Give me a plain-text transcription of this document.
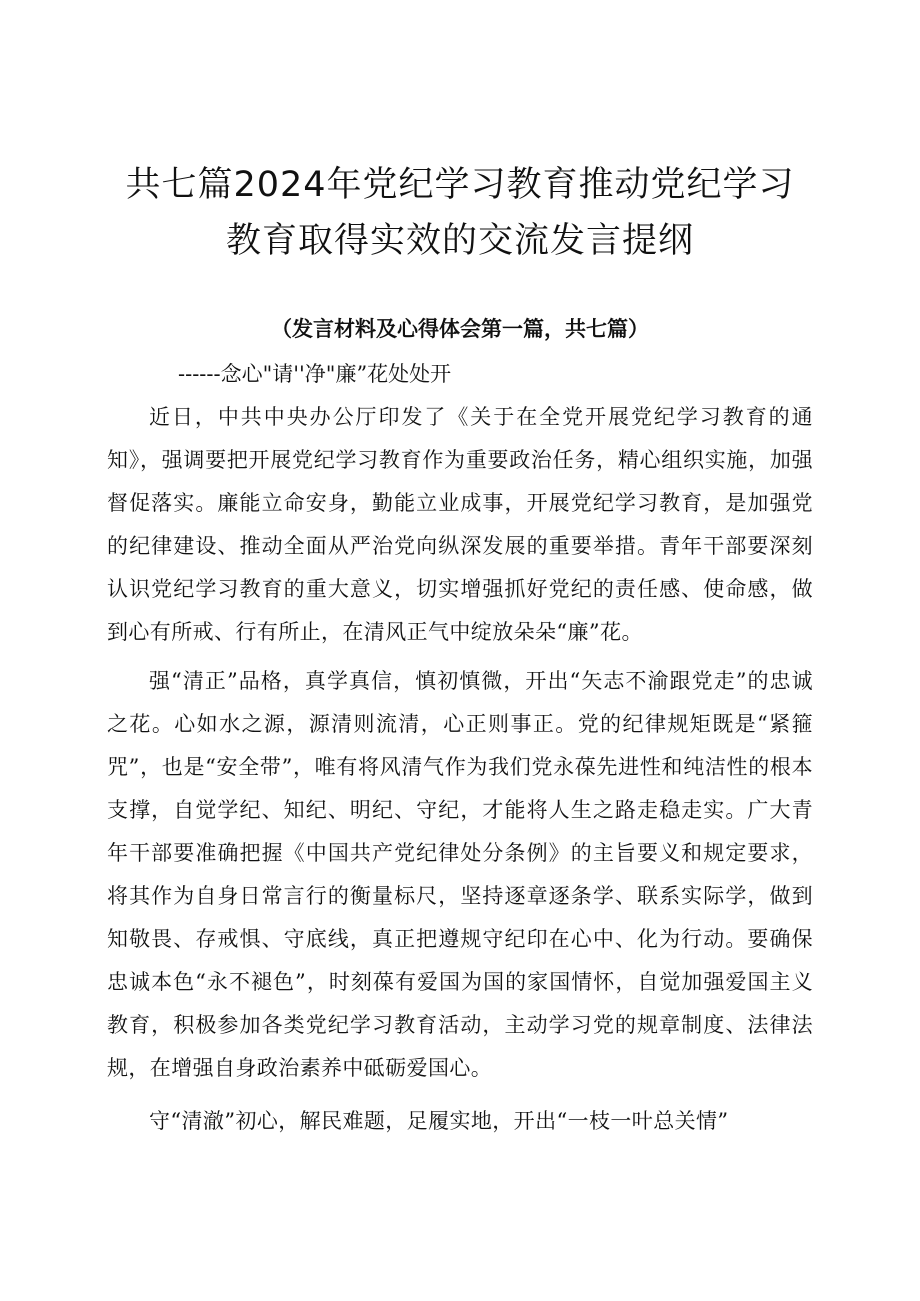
共七篇2024年党纪学习教育推动党纪学习教育取得实效的交流发言提纲

（发言材料及心得体会第一篇，共七篇）

------念心"请''净"廉”花处处开

近日，中共中央办公厅印发了《关于在全党开展党纪学习教育的通知》，强调要把开展党纪学习教育作为重要政治任务，精心组织实施，加强督促落实。廉能立命安身，勤能立业成事，开展党纪学习教育，是加强党的纪律建设、推动全面从严治党向纵深发展的重要举措。青年干部要深刻认识党纪学习教育的重大意义，切实增强抓好党纪的责任感、使命感，做到心有所戒、行有所止，在清风正气中绽放朵朵“廉”花。

强“清正”品格，真学真信，慎初慎微，开出“矢志不渝跟党走”的忠诚之花。心如水之源，源清则流清，心正则事正。党的纪律规矩既是“紧箍咒”，也是“安全带”，唯有将风清气作为我们党永葆先进性和纯洁性的根本支撑，自觉学纪、知纪、明纪、守纪，才能将人生之路走稳走实。广大青年干部要准确把握《中国共产党纪律处分条例》的主旨要义和规定要求，将其作为自身日常言行的衡量标尺，坚持逐章逐条学、联系实际学，做到知敬畏、存戒惧、守底线，真正把遵规守纪印在心中、化为行动。要确保忠诚本色“永不褪色”，时刻葆有爱国为国的家国情怀，自觉加强爱国主义教育，积极参加各类党纪学习教育活动，主动学习党的规章制度、法律法规，在增强自身政治素养中砥砺爱国心。

守“清澈”初心，解民难题，足履实地，开出“一枝一叶总关情”
